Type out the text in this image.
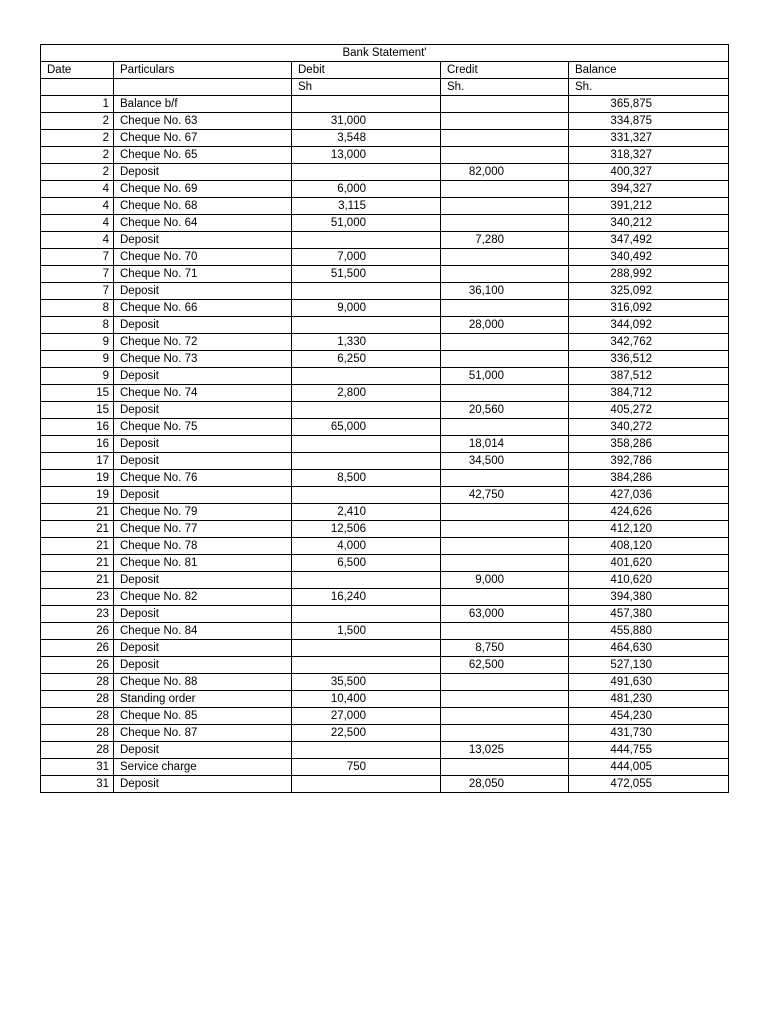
Bank Statement'				
Date	Particulars	Debit	Credit	Balance
		Sh	Sh.	Sh.
1	Balance b/f			365,875
2	Cheque No. 63	31,000		334,875
2	Cheque No. 67	3,548		331,327
2	Cheque No. 65	13,000		318,327
2	Deposit		82,000	400,327
4	Cheque No. 69	6,000		394,327
4	Cheque No. 68	3,115		391,212
4	Cheque No. 64	51,000		340,212
4	Deposit		7,280	347,492
7	Cheque No. 70	7,000		340,492
7	Cheque No. 71	51,500		288,992
7	Deposit		36,100	325,092
8	Cheque No. 66	9,000		316,092
8	Deposit		28,000	344,092
9	Cheque No. 72	1,330		342,762
9	Cheque No. 73	6,250		336,512
9	Deposit		51,000	387,512
15	Cheque No. 74	2,800		384,712
15	Deposit		20,560	405,272
16	Cheque No. 75	65,000		340,272
16	Deposit		18,014	358,286
17	Deposit		34,500	392,786
19	Cheque No. 76	8,500		384,286
19	Deposit		42,750	427,036
21	Cheque No. 79	2,410		424,626
21	Cheque No. 77	12,506		412,120
21	Cheque No. 78	4,000		408,120
21	Cheque No. 81	6,500		401,620
21	Deposit		9,000	410,620
23	Cheque No. 82	16,240		394,380
23	Deposit		63,000	457,380
26	Cheque No. 84	1,500		455,880
26	Deposit		8,750	464,630
26	Deposit		62,500	527,130
28	Cheque No. 88	35,500		491,630
28	Standing order	10,400		481,230
28	Cheque No. 85	27,000		454,230
28	Cheque No. 87	22,500		431,730
28	Deposit		13,025	444,755
31	Service charge	750		444,005
31	Deposit		28,050	472,055
